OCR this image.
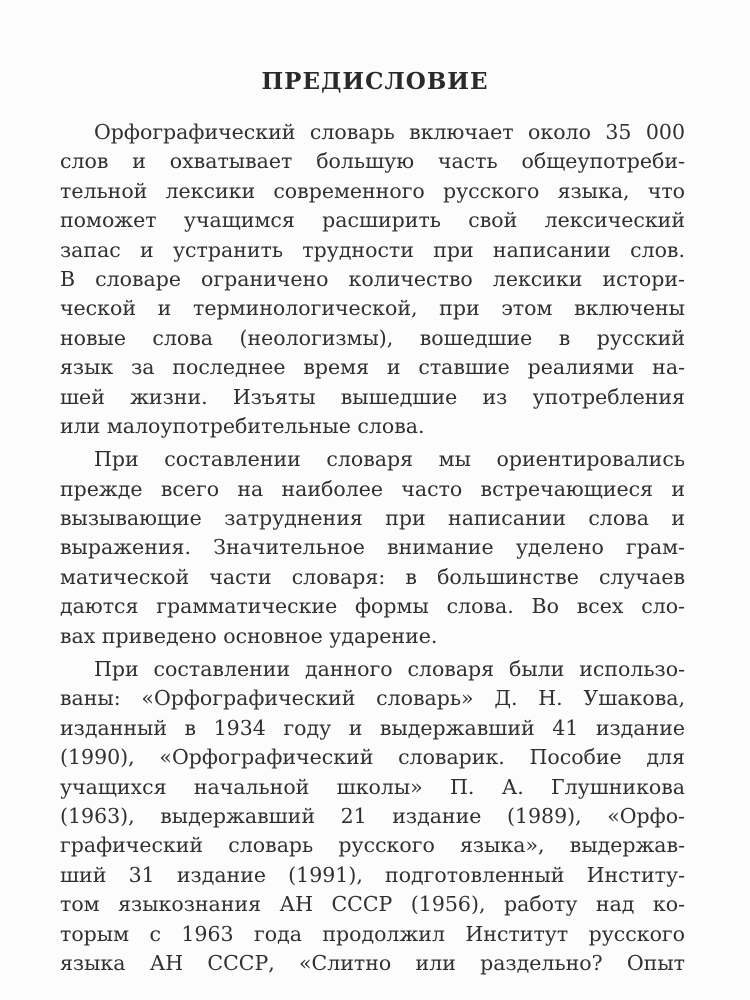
ПРЕДИСЛОВИЕ
Орфографический словарь включает около 35 000
слов и охватывает большую часть общеупотреби-
тельной лексики современного русского языка, что
поможет учащимся расширить свой лексический
запас и устранить трудности при написании слов.
В словаре ограничено количество лексики истори-
ческой и терминологической, при этом включены
новые слова (неологизмы), вошедшие в русский
язык за последнее время и ставшие реалиями на-
шей жизни. Изъяты вышедшие из употребления
или малоупотребительные слова.
При составлении словаря мы ориентировались
прежде всего на наиболее часто встречающиеся и
вызывающие затруднения при написании слова и
выражения. Значительное внимание уделено грам-
матической части словаря: в большинстве случаев
даются грамматические формы слова. Во всех сло-
вах приведено основное ударение.
При составлении данного словаря были использо-
ваны: «Орфографический словарь» Д. Н. Ушакова,
изданный в 1934 году и выдержавший 41 издание
(1990), «Орфографический словарик. Пособие для
учащихся начальной школы» П. А. Глушникова
(1963), выдержавший 21 издание (1989), «Орфо-
графический словарь русского языка», выдержав-
ший 31 издание (1991), подготовленный Институ-
том языкознания АН СССР (1956), работу над ко-
торым с 1963 года продолжил Институт русского
языка АН СССР, «Слитно или раздельно? Опыт
